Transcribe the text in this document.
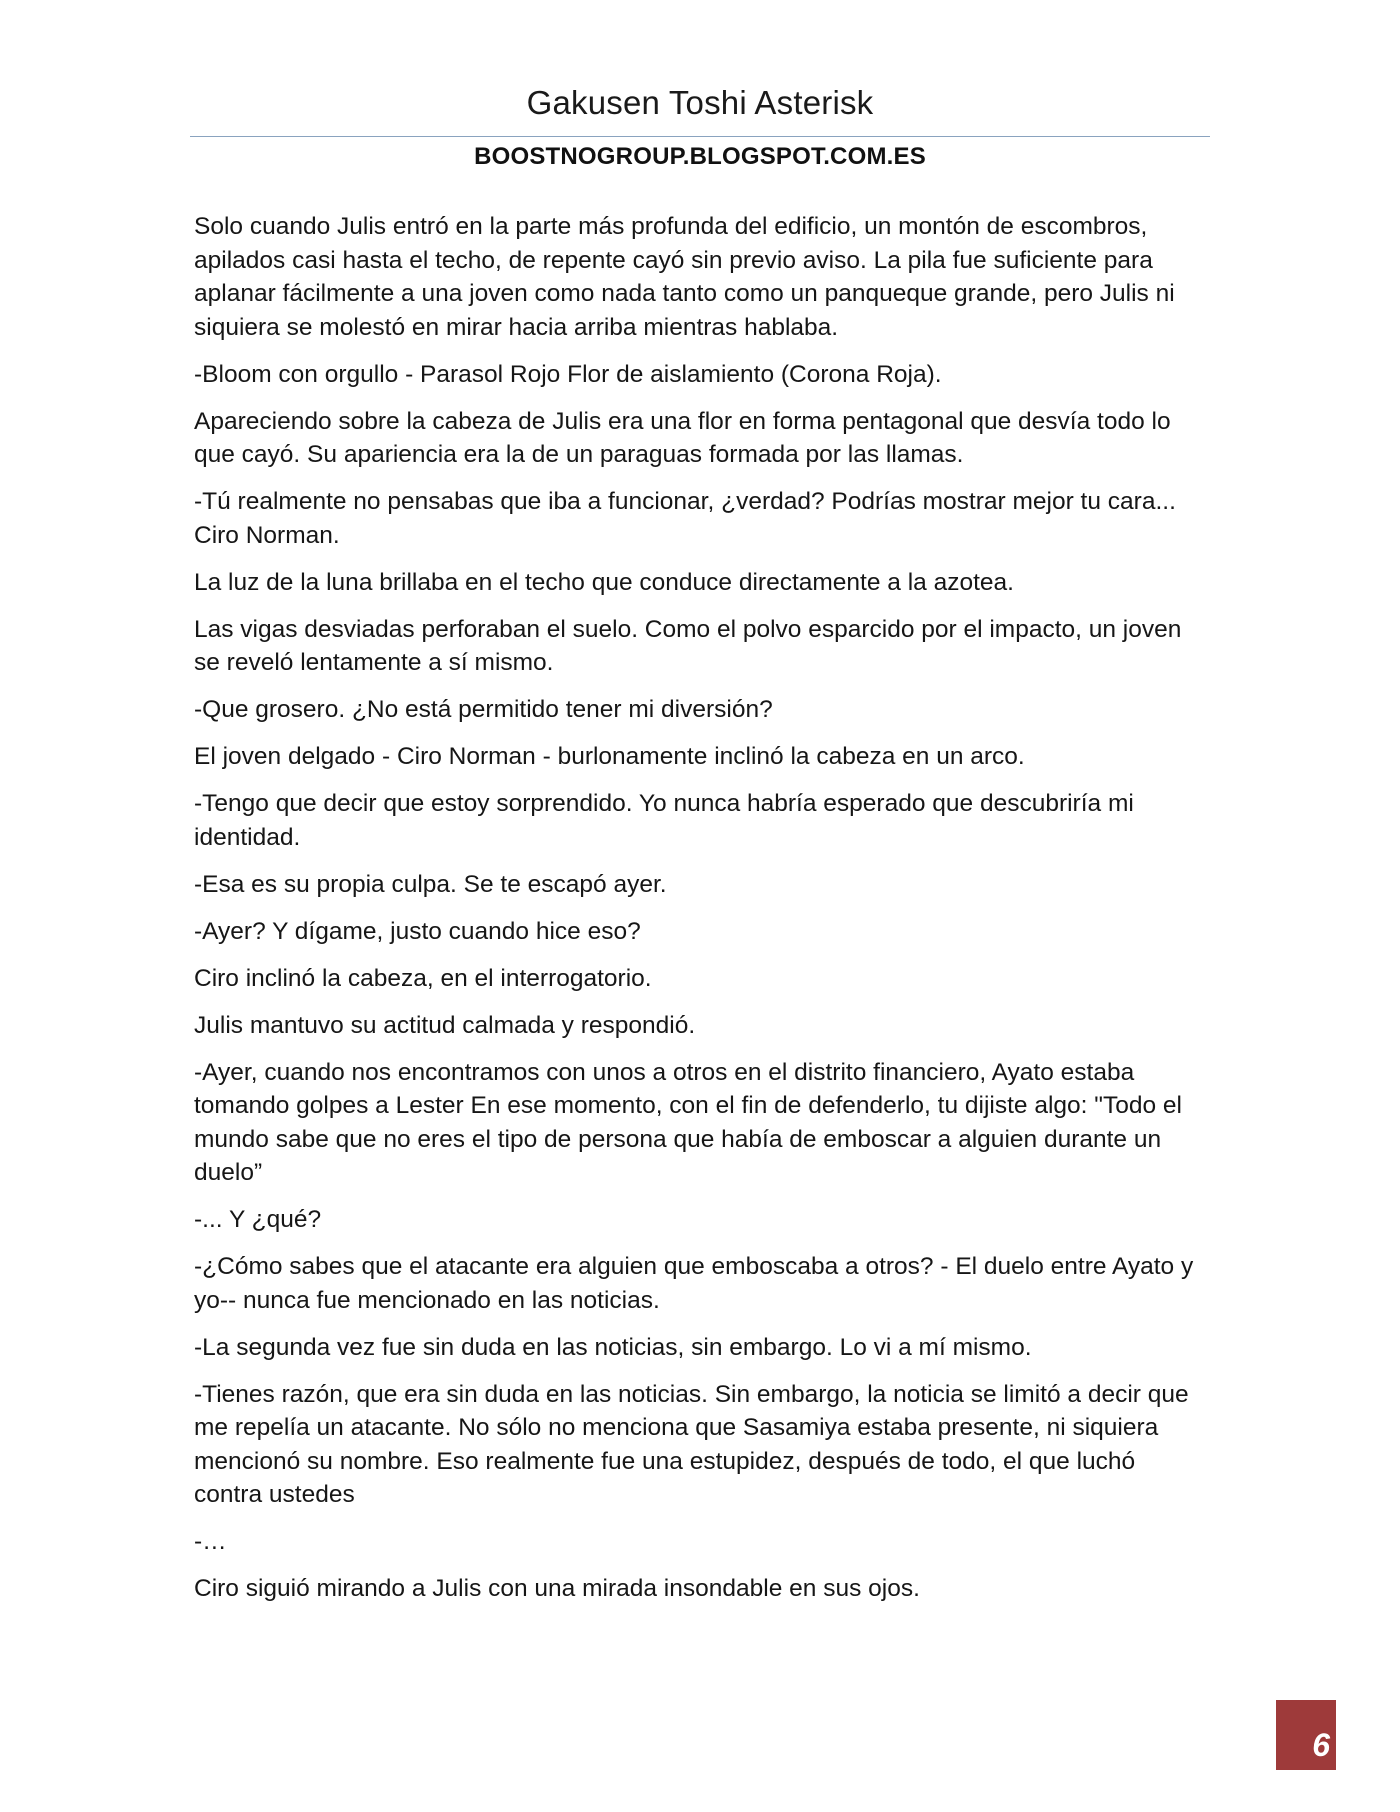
Gakusen Toshi Asterisk
BOOSTNOGROUP.BLOGSPOT.COM.ES

Solo cuando Julis entró en la parte más profunda del edificio, un montón de escombros, apilados casi hasta el techo, de repente cayó sin previo aviso. La pila fue suficiente para aplanar fácilmente a una joven como nada tanto como un panqueque grande, pero Julis ni siquiera se molestó en mirar hacia arriba mientras hablaba.

-Bloom con orgullo - Parasol Rojo Flor de aislamiento (Corona Roja).

Apareciendo sobre la cabeza de Julis era una flor en forma pentagonal que desvía todo lo que cayó. Su apariencia era la de un paraguas formada por las llamas.

-Tú realmente no pensabas que iba a funcionar, ¿verdad? Podrías mostrar mejor tu cara... Ciro Norman.

La luz de la luna brillaba en el techo que conduce directamente a la azotea.

Las vigas desviadas perforaban el suelo. Como el polvo esparcido por el impacto, un joven se reveló lentamente a sí mismo.

-Que grosero. ¿No está permitido tener mi diversión?

El joven delgado - Ciro Norman - burlonamente inclinó la cabeza en un arco.

-Tengo que decir que estoy sorprendido. Yo nunca habría esperado que descubriría mi identidad.

-Esa es su propia culpa. Se te escapó ayer.

-Ayer? Y dígame, justo cuando hice eso?

Ciro inclinó la cabeza, en el interrogatorio.

Julis mantuvo su actitud calmada y respondió.

-Ayer, cuando nos encontramos con unos a otros en el distrito financiero, Ayato estaba tomando golpes a Lester En ese momento, con el fin de defenderlo, tu dijiste algo: "Todo el mundo sabe que no eres el tipo de persona que había de emboscar a alguien durante un duelo”

-... Y ¿qué?

-¿Cómo sabes que el atacante era alguien que emboscaba a otros? - El duelo entre Ayato y yo-- nunca fue mencionado en las noticias.

-La segunda vez fue sin duda en las noticias, sin embargo. Lo vi a mí mismo.

-Tienes razón, que era sin duda en las noticias. Sin embargo, la noticia se limitó a decir que me repelía un atacante. No sólo no menciona que Sasamiya estaba presente, ni siquiera mencionó su nombre. Eso realmente fue una estupidez, después de todo, el que luchó contra ustedes

-…

Ciro siguió mirando a Julis con una mirada insondable en sus ojos.

6
